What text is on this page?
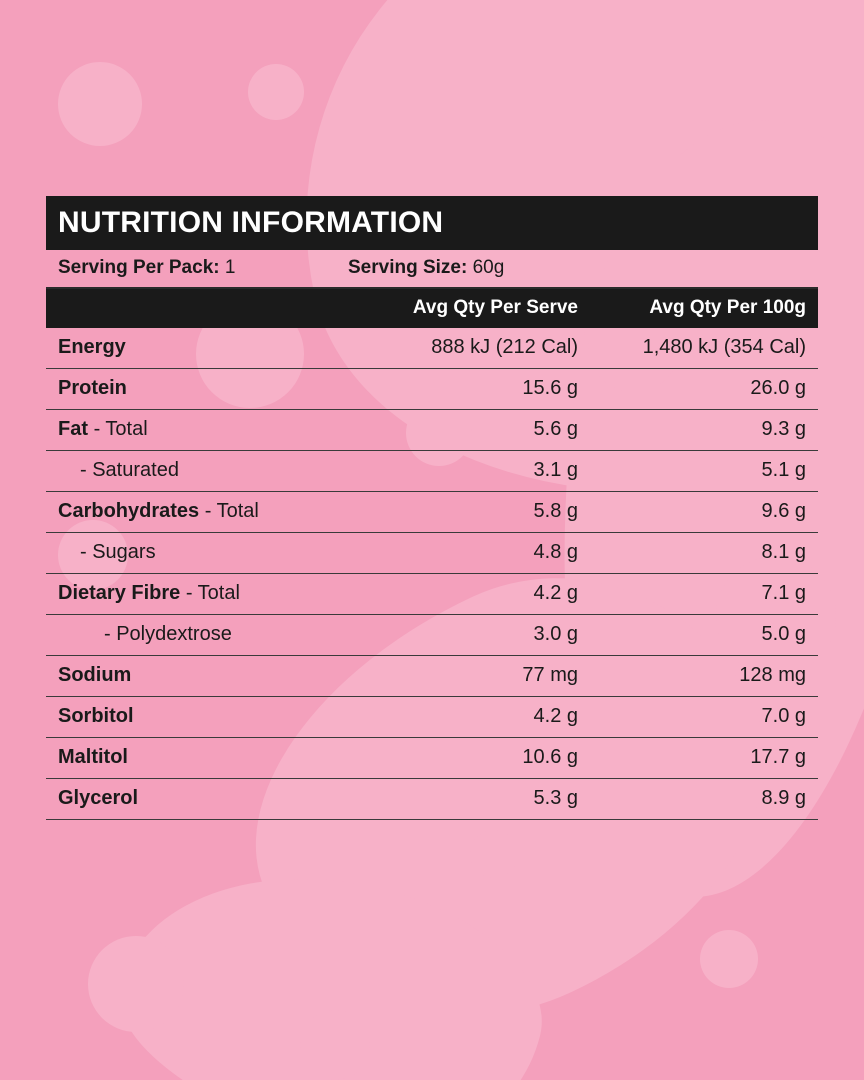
NUTRITION INFORMATION
Serving Per Pack: 1	Serving Size: 60g
Avg Qty Per Serve	Avg Qty Per 100g
Energy	888 kJ (212 Cal)	1,480 kJ (354 Cal)
Protein	15.6 g	26.0 g
Fat - Total	5.6 g	9.3 g
- Saturated	3.1 g	5.1 g
Carbohydrates - Total	5.8 g	9.6 g
- Sugars	4.8 g	8.1 g
Dietary Fibre - Total	4.2 g	7.1 g
- Polydextrose	3.0 g	5.0 g
Sodium	77 mg	128 mg
Sorbitol	4.2 g	7.0 g
Maltitol	10.6 g	17.7 g
Glycerol	5.3 g	8.9 g
